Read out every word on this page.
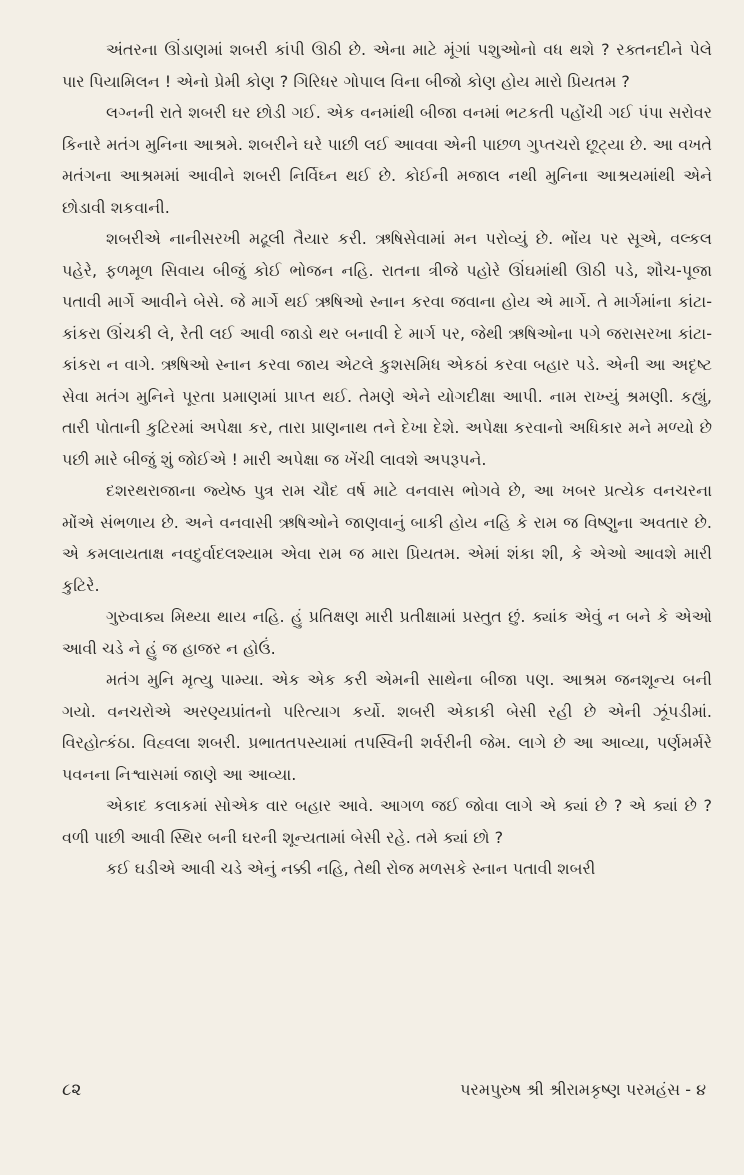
અંતરના ઊંડાણમાં શબરી કાંપી ઊઠી છે. એના માટે મૂંગાં પશુઓનો વધ થશે ? રક્તનદીને પેલે પાર પિયામિલન ! એનો પ્રેમી કોણ ? ગિરિધર ગોપાલ વિના બીજો કોણ હોય મારો પ્રિયતમ ?

લગ્નની રાતે શબરી ઘર છોડી ગઈ. એક વનમાંથી બીજા વનમાં ભટકતી પહોંચી ગઈ પંપા સરોવર કિનારે મતંગ મુનિના આશ્રમે. શબરીને ઘરે પાછી લઈ આવવા એની પાછળ ગુપ્તચરો છૂટ્યા છે. આ વખતે મતંગના આશ્રમમાં આવીને શબરી નિર્વિઘ્ન થઈ છે. કોઈની મજાલ નથી મુનિના આશ્રયમાંથી એને છોડાવી શકવાની.

શબરીએ નાનીસરખી મઢૂલી તૈયાર કરી. ઋષિસેવામાં મન પરોવ્યું છે. ભોંય પર સૂએ, વલ્કલ પહેરે, ફળમૂળ સિવાય બીજું કોઈ ભોજન નહિ. રાતના ત્રીજે પહોરે ઊંઘમાંથી ઊઠી પડે, શૌચ-પૂજા પતાવી માર્ગે આવીને બેસે. જે માર્ગે થઈ ઋષિઓ સ્નાન કરવા જવાના હોય એ માર્ગે. તે માર્ગમાંના કાંટા-કાંકરા ઊંચકી લે, રેતી લઈ આવી જાડો થર બનાવી દે માર્ગ પર, જેથી ઋષિઓના પગે જરાસરખા કાંટા-કાંકરા ન વાગે. ઋષિઓ સ્નાન કરવા જાય એટલે કુશસમિધ એકઠાં કરવા બહાર પડે. એની આ અદૃષ્ટ સેવા મતંગ મુનિને પૂરતા પ્રમાણમાં પ્રાપ્ત થઈ. તેમણે એને યોગદીક્ષા આપી. નામ રાખ્યું શ્રમણી. કહ્યું, તારી પોતાની કુટિરમાં અપેક્ષા કર, તારા પ્રાણનાથ તને દેખા દેશે. અપેક્ષા કરવાનો અધિકાર મને મળ્યો છે પછી મારે બીજું શું જોઈએ ! મારી અપેક્ષા જ ખેંચી લાવશે અપરૂપને.

દશરથરાજાના જ્યેષ્ઠ પુત્ર રામ ચૌદ વર્ષ માટે વનવાસ ભોગવે છે, આ ખબર પ્રત્યેક વનચરના મોંએ સંભળાય છે. અને વનવાસી ઋષિઓને જાણવાનું બાકી હોય નહિ કે રામ જ વિષ્ણુના અવતાર છે. એ કમલાયતાક્ષ નવદુર્વાદલશ્યામ એવા રામ જ મારા પ્રિયતમ. એમાં શંકા શી, કે એઓ આવશે મારી કુટિરે.

ગુરુવાક્ય મિથ્યા થાય નહિ. હું પ્રતિક્ષણ મારી પ્રતીક્ષામાં પ્રસ્તુત છું. ક્યાંક એવું ન બને કે એઓ આવી ચડે ને હું જ હાજર ન હોઉં.

મતંગ મુનિ મૃત્યુ પામ્યા. એક એક કરી એમની સાથેના બીજા પણ. આશ્રમ જનશૂન્ય બની ગયો. વનચરોએ અરણ્યપ્રાંતનો પરિત્યાગ કર્યો. શબરી એકાકી બેસી રહી છે એની ઝૂંપડીમાં. વિરહોત્કંઠા. વિહ્વલા શબરી. પ્રભાતતપસ્યામાં તપસ્વિની શર્વરીની જેમ. લાગે છે આ આવ્યા, પર્ણમર્મરે પવનના નિશ્વાસમાં જાણે આ આવ્યા.

એકાદ કલાકમાં સોએક વાર બહાર આવે. આગળ જઈ જોવા લાગે એ ક્યાં છે ? એ ક્યાં છે ? વળી પાછી આવી સ્થિર બની ઘરની શૂન્યતામાં બેસી રહે. તમે ક્યાં છો ?

કઈ ઘડીએ આવી ચડે એનું નક્કી નહિ, તેથી રોજ મળસકે સ્નાન પતાવી શબરી

૮૨	પરમપુરુષ શ્રી શ્રીરામકૃષ્ણ પરમહંસ - ૪
